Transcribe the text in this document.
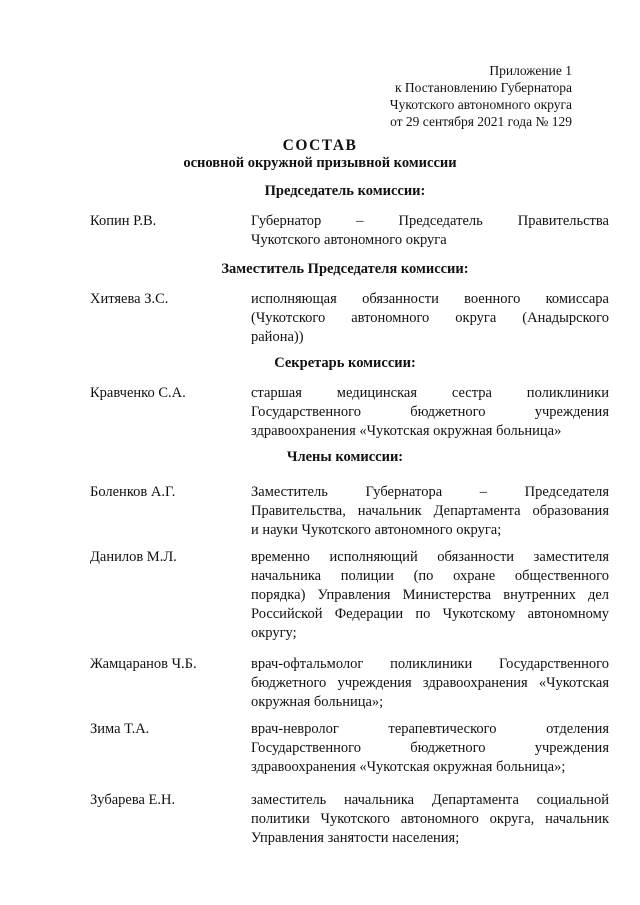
Приложение 1
к Постановлению Губернатора
Чукотского автономного округа
от 29 сентября 2021 года № 129
СОСТАВ
основной окружной призывной комиссии
Председатель комиссии:
Копин Р.В.	Губернатор – Председатель Правительства
Чукотского автономного округа
Заместитель Председателя комиссии:
Хитяева З.С.	исполняющая обязанности военного комиссара
(Чукотского автономного округа (Анадырского
района))
Секретарь комиссии:
Кравченко С.А.	старшая медицинская сестра поликлиники
Государственного бюджетного учреждения
здравоохранения «Чукотская окружная больница»
Члены комиссии:
Боленков А.Г.	Заместитель Губернатора – Председателя
Правительства, начальник Департамента образования
и науки Чукотского автономного округа;
Данилов М.Л.	временно исполняющий обязанности заместителя
начальника полиции (по охране общественного
порядка) Управления Министерства внутренних дел
Российской Федерации по Чукотскому автономному
округу;
Жамцаранов Ч.Б.	врач-офтальмолог поликлиники Государственного
бюджетного учреждения здравоохранения «Чукотская
окружная больница»;
Зима Т.А.	врач-невролог терапевтического отделения
Государственного бюджетного учреждения
здравоохранения «Чукотская окружная больница»;
Зубарева Е.Н.	заместитель начальника Департамента социальной
политики Чукотского автономного округа, начальник
Управления занятости населения;
